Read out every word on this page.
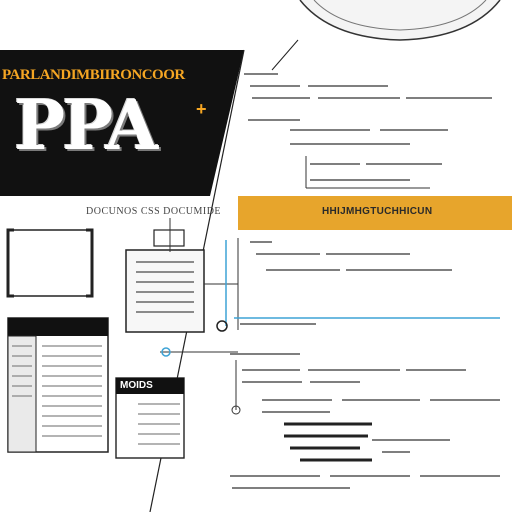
PARLANDIMBIIRONCOOR
PPA +
DOCUNOS CSS DOCUMIDE	HHIJMHGTUCHHICUN
MOIDS
